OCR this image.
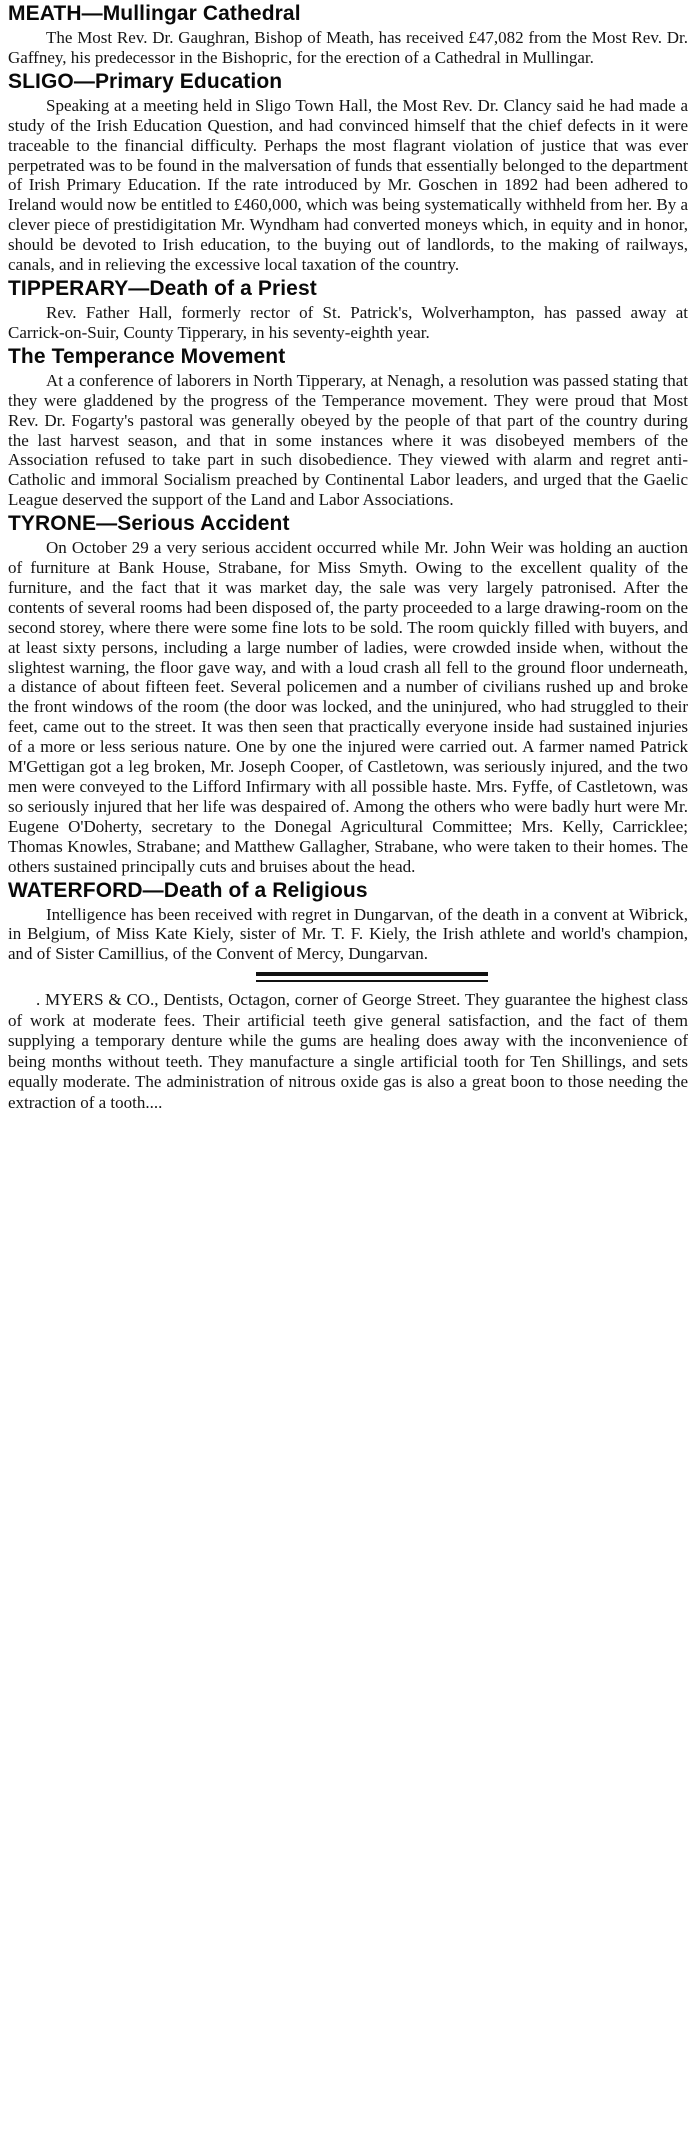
MEATH—Mullingar Cathedral

The Most Rev. Dr. Gaughran, Bishop of Meath, has received £47,082 from the Most Rev. Dr. Gaffney, his predecessor in the Bishopric, for the erection of a Cathedral in Mullingar.

SLIGO—Primary Education

Speaking at a meeting held in Sligo Town Hall, the Most Rev. Dr. Clancy said he had made a study of the Irish Education Question, and had convinced himself that the chief defects in it were traceable to the financial difficulty. Perhaps the most flagrant violation of justice that was ever perpetrated was to be found in the malversation of funds that essentially belonged to the department of Irish Primary Education. If the rate introduced by Mr. Goschen in 1892 had been adhered to Ireland would now be entitled to £460,000, which was being systematically withheld from her. By a clever piece of prestidigitation Mr. Wyndham had converted moneys which, in equity and in honor, should be devoted to Irish education, to the buying out of landlords, to the making of railways, canals, and in relieving the excessive local taxation of the country.

TIPPERARY—Death of a Priest

Rev. Father Hall, formerly rector of St. Patrick's, Wolverhampton, has passed away at Carrick-on-Suir, County Tipperary, in his seventy-eighth year.

The Temperance Movement

At a conference of laborers in North Tipperary, at Nenagh, a resolution was passed stating that they were gladdened by the progress of the Temperance movement. They were proud that Most Rev. Dr. Fogarty's pastoral was generally obeyed by the people of that part of the country during the last harvest season, and that in some instances where it was disobeyed members of the Association refused to take part in such disobedience. They viewed with alarm and regret anti-Catholic and immoral Socialism preached by Continental Labor leaders, and urged that the Gaelic League deserved the support of the Land and Labor Associations.

TYRONE—Serious Accident

On October 29 a very serious accident occurred while Mr. John Weir was holding an auction of furniture at Bank House, Strabane, for Miss Smyth. Owing to the excellent quality of the furniture, and the fact that it was market day, the sale was very largely patronised. After the contents of several rooms had been disposed of, the party proceeded to a large drawing-room on the second storey, where there were some fine lots to be sold. The room quickly filled with buyers, and at least sixty persons, including a large number of ladies, were crowded inside when, without the slightest warning, the floor gave way, and with a loud crash all fell to the ground floor underneath, a distance of about fifteen feet. Several policemen and a number of civilians rushed up and broke the front windows of the room (the door was locked, and the uninjured, who had struggled to their feet, came out to the street. It was then seen that practically everyone inside had sustained injuries of a more or less serious nature. One by one the injured were carried out. A farmer named Patrick M'Gettigan got a leg broken, Mr. Joseph Cooper, of Castletown, was seriously injured, and the two men were conveyed to the Lifford Infirmary with all possible haste. Mrs. Fyffe, of Castletown, was so seriously injured that her life was despaired of. Among the others who were badly hurt were Mr. Eugene O'Doherty, secretary to the Donegal Agricultural Committee; Mrs. Kelly, Carricklee; Thomas Knowles, Strabane; and Matthew Gallagher, Strabane, who were taken to their homes. The others sustained principally cuts and bruises about the head.

WATERFORD—Death of a Religious

Intelligence has been received with regret in Dungarvan, of the death in a convent at Wibrick, in Belgium, of Miss Kate Kiely, sister of Mr. T. F. Kiely, the Irish athlete and world's champion, and of Sister Camillius, of the Convent of Mercy, Dungarvan.

. MYERS & CO., Dentists, Octagon, corner of George Street. They guarantee the highest class of work at moderate fees. Their artificial teeth give general satisfaction, and the fact of them supplying a temporary denture while the gums are healing does away with the inconvenience of being months without teeth. They manufacture a single artificial tooth for Ten Shillings, and sets equally moderate. The administration of nitrous oxide gas is also a great boon to those needing the extraction of a tooth....
